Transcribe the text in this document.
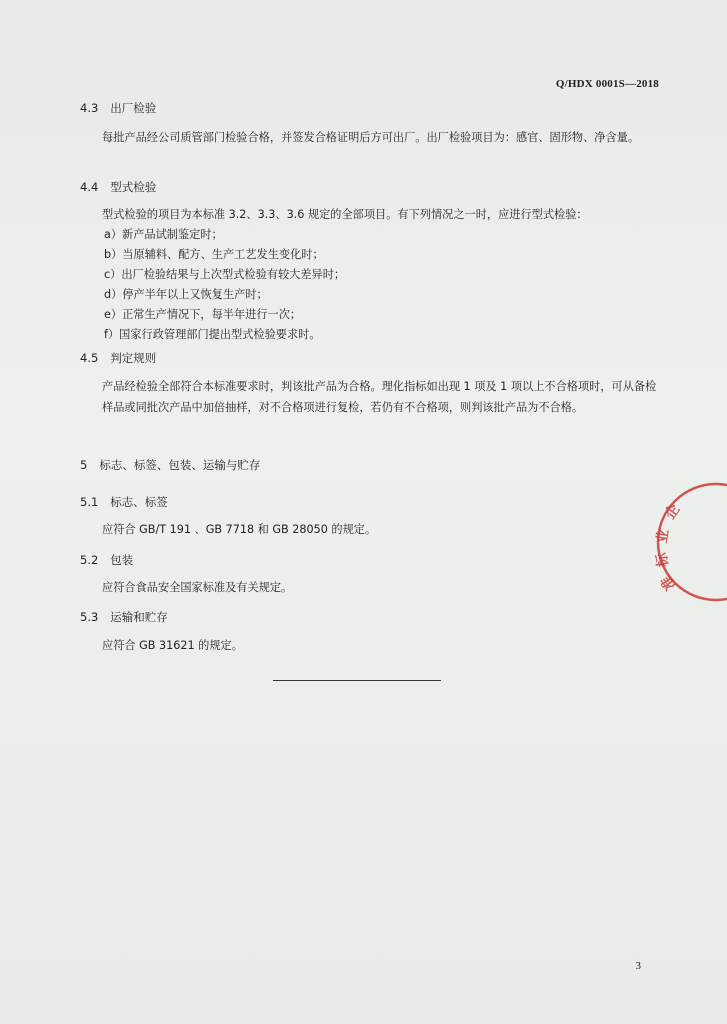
Q/HDX 0001S—2018
4.3 出厂检验
每批产品经公司质管部门检验合格，并签发合格证明后方可出厂。出厂检验项目为：感官、固形物、净含量。
4.4 型式检验
型式检验的项目为本标准 3.2、3.3、3.6 规定的全部项目。有下列情况之一时，应进行型式检验：
a）新产品试制鉴定时；
b）当原辅料、配方、生产工艺发生变化时；
c）出厂检验结果与上次型式检验有较大差异时；
d）停产半年以上又恢复生产时；
e）正常生产情况下，每半年进行一次；
f）国家行政管理部门提出型式检验要求时。
4.5 判定规则
产品经检验全部符合本标准要求时，判该批产品为合格。理化指标如出现 1 项及 1 项以上不合格项时，可从备检样品或同批次产品中加倍抽样，对不合格项进行复检，若仍有不合格项，则判该批产品为不合格。
5 标志、标签、包装、运输与贮存
5.1 标志、标签
应符合 GB/T 191 、GB 7718 和 GB 28050 的规定。
5.2 包装
应符合食品安全国家标准及有关规定。
5.3 运输和贮存
应符合 GB 31621 的规定。
企
业
标
准
3
